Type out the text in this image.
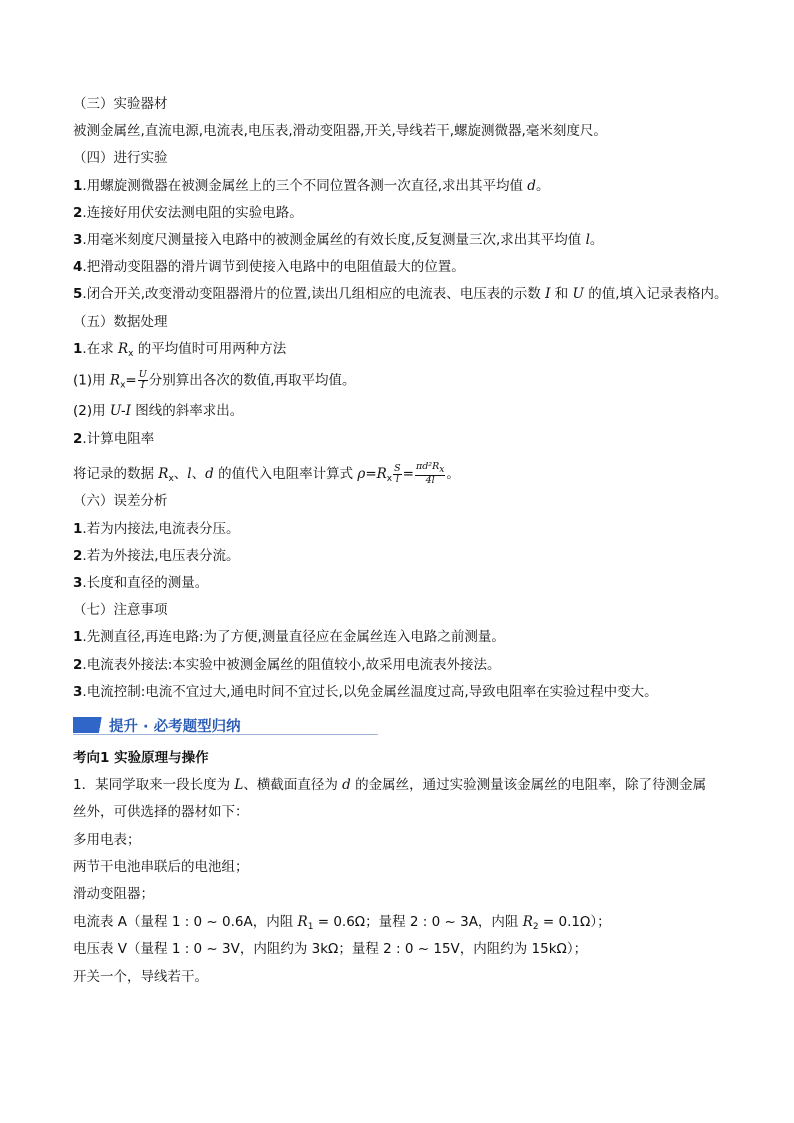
（三）实验器材
被测金属丝,直流电源,电流表,电压表,滑动变阻器,开关,导线若干,螺旋测微器,毫米刻度尺。
（四）进行实验
1.用螺旋测微器在被测金属丝上的三个不同位置各测一次直径,求出其平均值 d。
2.连接好用伏安法测电阻的实验电路。
3.用毫米刻度尺测量接入电路中的被测金属丝的有效长度,反复测量三次,求出其平均值 l。
4.把滑动变阻器的滑片调节到使接入电路中的电阻值最大的位置。
5.闭合开关,改变滑动变阻器滑片的位置,读出几组相应的电流表、电压表的示数 I 和 U 的值,填入记录表格内。
（五）数据处理
1.在求 $R_x$ 的平均值时可用两种方法
(1)用 $R_x= \frac{U}{I}$ 分别算出各次的数值,再取平均值。
(2)用 U-I 图线的斜率求出。
2.计算电阻率
将记录的数据 $R_x$、l、d 的值代入电阻率计算式 $\rho=R_x \frac{S}{l} = \frac{\text{πd²Rx}}{4l}$ 。
（六）误差分析
1.若为内接法,电流表分压。
2.若为外接法,电压表分流。
3.长度和直径的测量。
（七）注意事项
1.先测直径,再连电路:为了方便,测量直径应在金属丝连入电路之前测量。
2.电流表外接法:本实验中被测金属丝的阻值较小,故采用电流表外接法。
3.电流控制:电流不宜过大,通电时间不宜过长,以免金属丝温度过高,导致电阻率在实验过程中变大。
提升 · 必考题型归纳
考向1 实验原理与操作
1．某同学取来一段长度为 L、横截面直径为 d 的金属丝，通过实验测量该金属丝的电阻率，除了待测金属
丝外，可供选择的器材如下：
多用电表；
两节干电池串联后的电池组；
滑动变阻器；
电流表 A（量程 1 : 0 ~ 0.6A，内阻 $R_1 = 0.6\Omega$；量程 2 : 0 ~ 3A，内阻 $R_2 = 0.1\Omega$）；
电压表 V（量程 1 : 0 ~ 3V，内阻约为 3kΩ；量程 2 : 0 ~ 15V，内阻约为 15kΩ）；
开关一个，导线若干。
